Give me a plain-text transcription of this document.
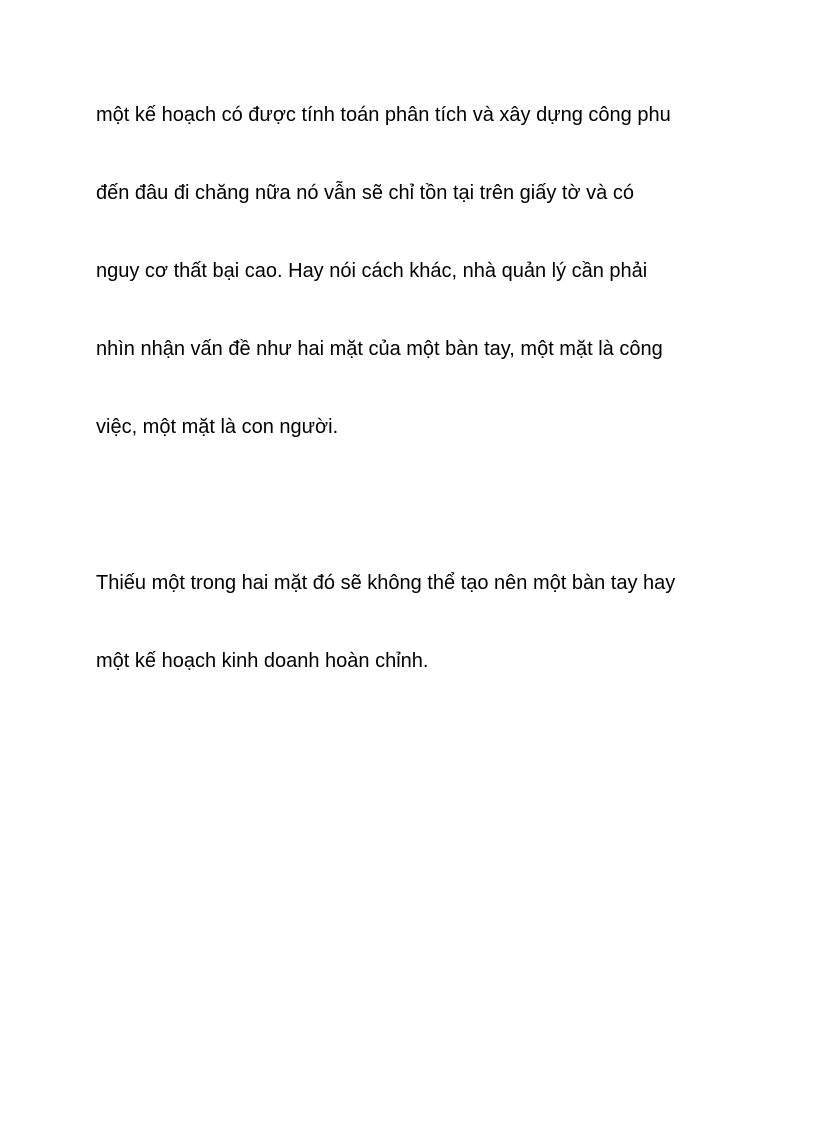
một kế hoạch có được tính toán phân tích và xây dựng công phu
đến đâu đi chăng nữa nó vẫn sẽ chỉ tồn tại trên giấy tờ và có
nguy cơ thất bại cao. Hay nói cách khác, nhà quản lý cần phải
nhìn nhận vấn đề như hai mặt của một bàn tay, một mặt là công
việc, một mặt là con người.
Thiếu một trong hai mặt đó sẽ không thể tạo nên một bàn tay hay
một kế hoạch kinh doanh hoàn chỉnh.
